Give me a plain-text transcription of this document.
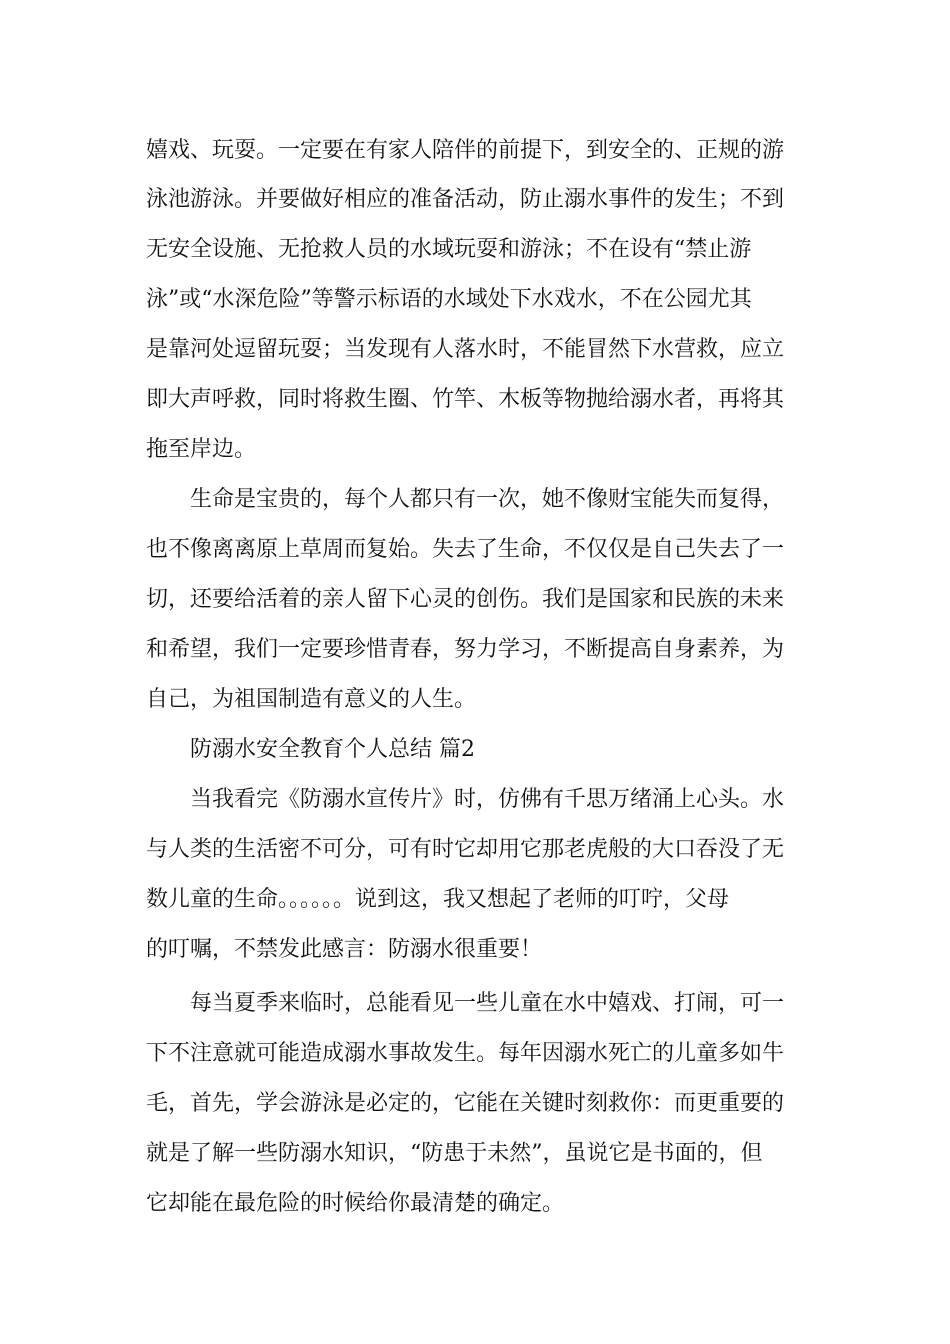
嬉戏、玩耍。一定要在有家人陪伴的前提下，到安全的、正规的游
泳池游泳。并要做好相应的准备活动，防止溺水事件的发生；不到
无安全设施、无抢救人员的水域玩耍和游泳；不在设有“禁止游
泳”或“水深危险”等警示标语的水域处下水戏水，不在公园尤其
是靠河处逗留玩耍；当发现有人落水时，不能冒然下水营救，应立
即大声呼救，同时将救生圈、竹竿、木板等物抛给溺水者，再将其
拖至岸边。
生命是宝贵的，每个人都只有一次，她不像财宝能失而复得，
也不像离离原上草周而复始。失去了生命，不仅仅是自己失去了一
切，还要给活着的亲人留下心灵的创伤。我们是国家和民族的未来
和希望，我们一定要珍惜青春，努力学习，不断提高自身素养，为
自己，为祖国制造有意义的人生。
防溺水安全教育个人总结 篇2
当我看完《防溺水宣传片》时，仿佛有千思万绪涌上心头。水
与人类的生活密不可分，可有时它却用它那老虎般的大口吞没了无
数儿童的生命。。。。。。说到这，我又想起了老师的叮咛，父母
的叮嘱，不禁发此感言：防溺水很重要！
每当夏季来临时，总能看见一些儿童在水中嬉戏、打闹，可一
下不注意就可能造成溺水事故发生。每年因溺水死亡的儿童多如牛
毛，首先，学会游泳是必定的，它能在关键时刻救你：而更重要的
就是了解一些防溺水知识，“防患于未然”，虽说它是书面的，但
它却能在最危险的时候给你最清楚的确定。
